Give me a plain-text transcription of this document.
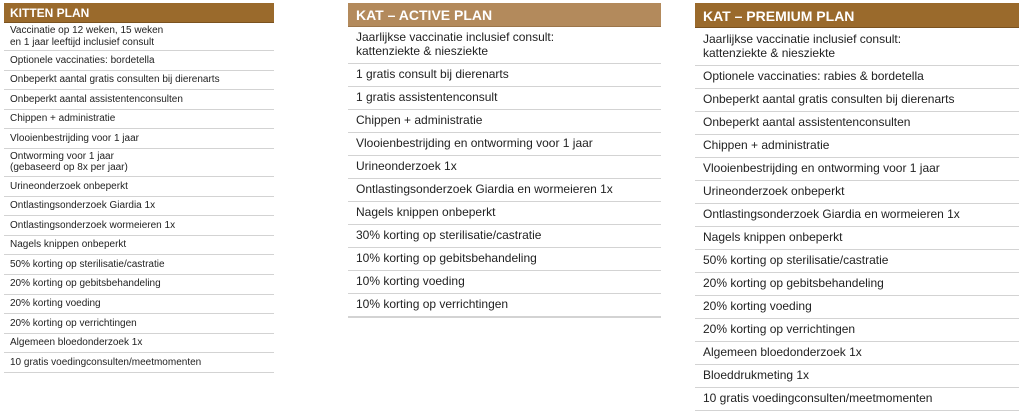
KITTEN PLAN
Vaccinatie op 12 weken, 15 weken
en 1 jaar leeftijd inclusief consult
Optionele vaccinaties: bordetella
Onbeperkt aantal gratis consulten bij dierenarts
Onbeperkt aantal assistentenconsulten
Chippen + administratie
Vlooienbestrijding voor 1 jaar
Ontworming voor 1 jaar
(gebaseerd op 8x per jaar)
Urineonderzoek onbeperkt
Ontlastingsonderzoek Giardia 1x
Ontlastingsonderzoek wormeieren 1x
Nagels knippen onbeperkt
50% korting op sterilisatie/castratie
20% korting op gebitsbehandeling
20% korting voeding
20% korting op verrichtingen
Algemeen bloedonderzoek 1x
10 gratis voedingconsulten/meetmomenten
KAT – ACTIVE PLAN
Jaarlijkse vaccinatie inclusief consult:
kattenziekte & niesziekte
1 gratis consult bij dierenarts
1 gratis assistentenconsult
Chippen + administratie
Vlooienbestrijding en ontworming voor 1 jaar
Urineonderzoek 1x
Ontlastingsonderzoek Giardia en wormeieren 1x
Nagels knippen onbeperkt
30% korting op sterilisatie/castratie
10% korting op gebitsbehandeling
10% korting voeding
10% korting op verrichtingen
KAT – PREMIUM PLAN
Jaarlijkse vaccinatie inclusief consult:
kattenziekte & niesziekte
Optionele vaccinaties: rabies & bordetella
Onbeperkt aantal gratis consulten bij dierenarts
Onbeperkt aantal assistentenconsulten
Chippen + administratie
Vlooienbestrijding en ontworming voor 1 jaar
Urineonderzoek onbeperkt
Ontlastingsonderzoek Giardia en wormeieren 1x
Nagels knippen onbeperkt
50% korting op sterilisatie/castratie
20% korting op gebitsbehandeling
20% korting voeding
20% korting op verrichtingen
Algemeen bloedonderzoek 1x
Bloeddrukmeting 1x
10 gratis voedingconsulten/meetmomenten
